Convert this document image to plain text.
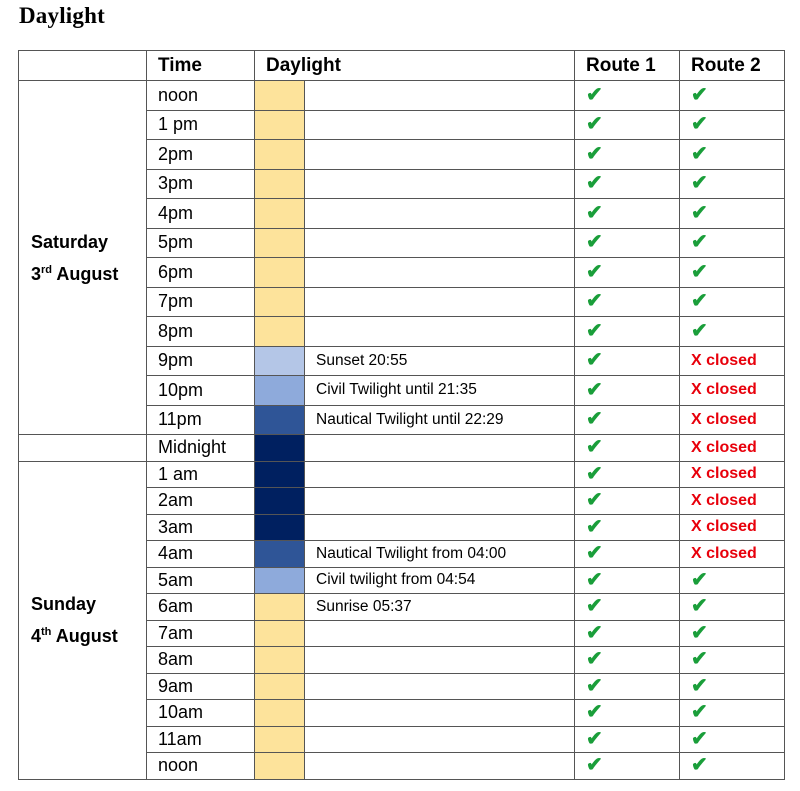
Daylight
	Time	Daylight		Route 1	Route 2

Saturday
3rd August	noon			✔	✔
	1 pm			✔	✔
	2pm			✔	✔
	3pm			✔	✔
	4pm			✔	✔
	5pm			✔	✔
	6pm			✔	✔
	7pm			✔	✔
	8pm			✔	✔
	9pm		Sunset 20:55	✔	X closed
	10pm		Civil Twilight until 21:35	✔	X closed
	11pm		Nautical Twilight until 22:29	✔	X closed
	Midnight			✔	X closed

Sunday
4th August	1 am			✔	X closed
	2am			✔	X closed
	3am			✔	X closed
	4am		Nautical Twilight from 04:00	✔	X closed
	5am		Civil twilight from 04:54	✔	✔
	6am		Sunrise 05:37	✔	✔
	7am			✔	✔
	8am			✔	✔
	9am			✔	✔
	10am			✔	✔
	11am			✔	✔
	noon			✔	✔
